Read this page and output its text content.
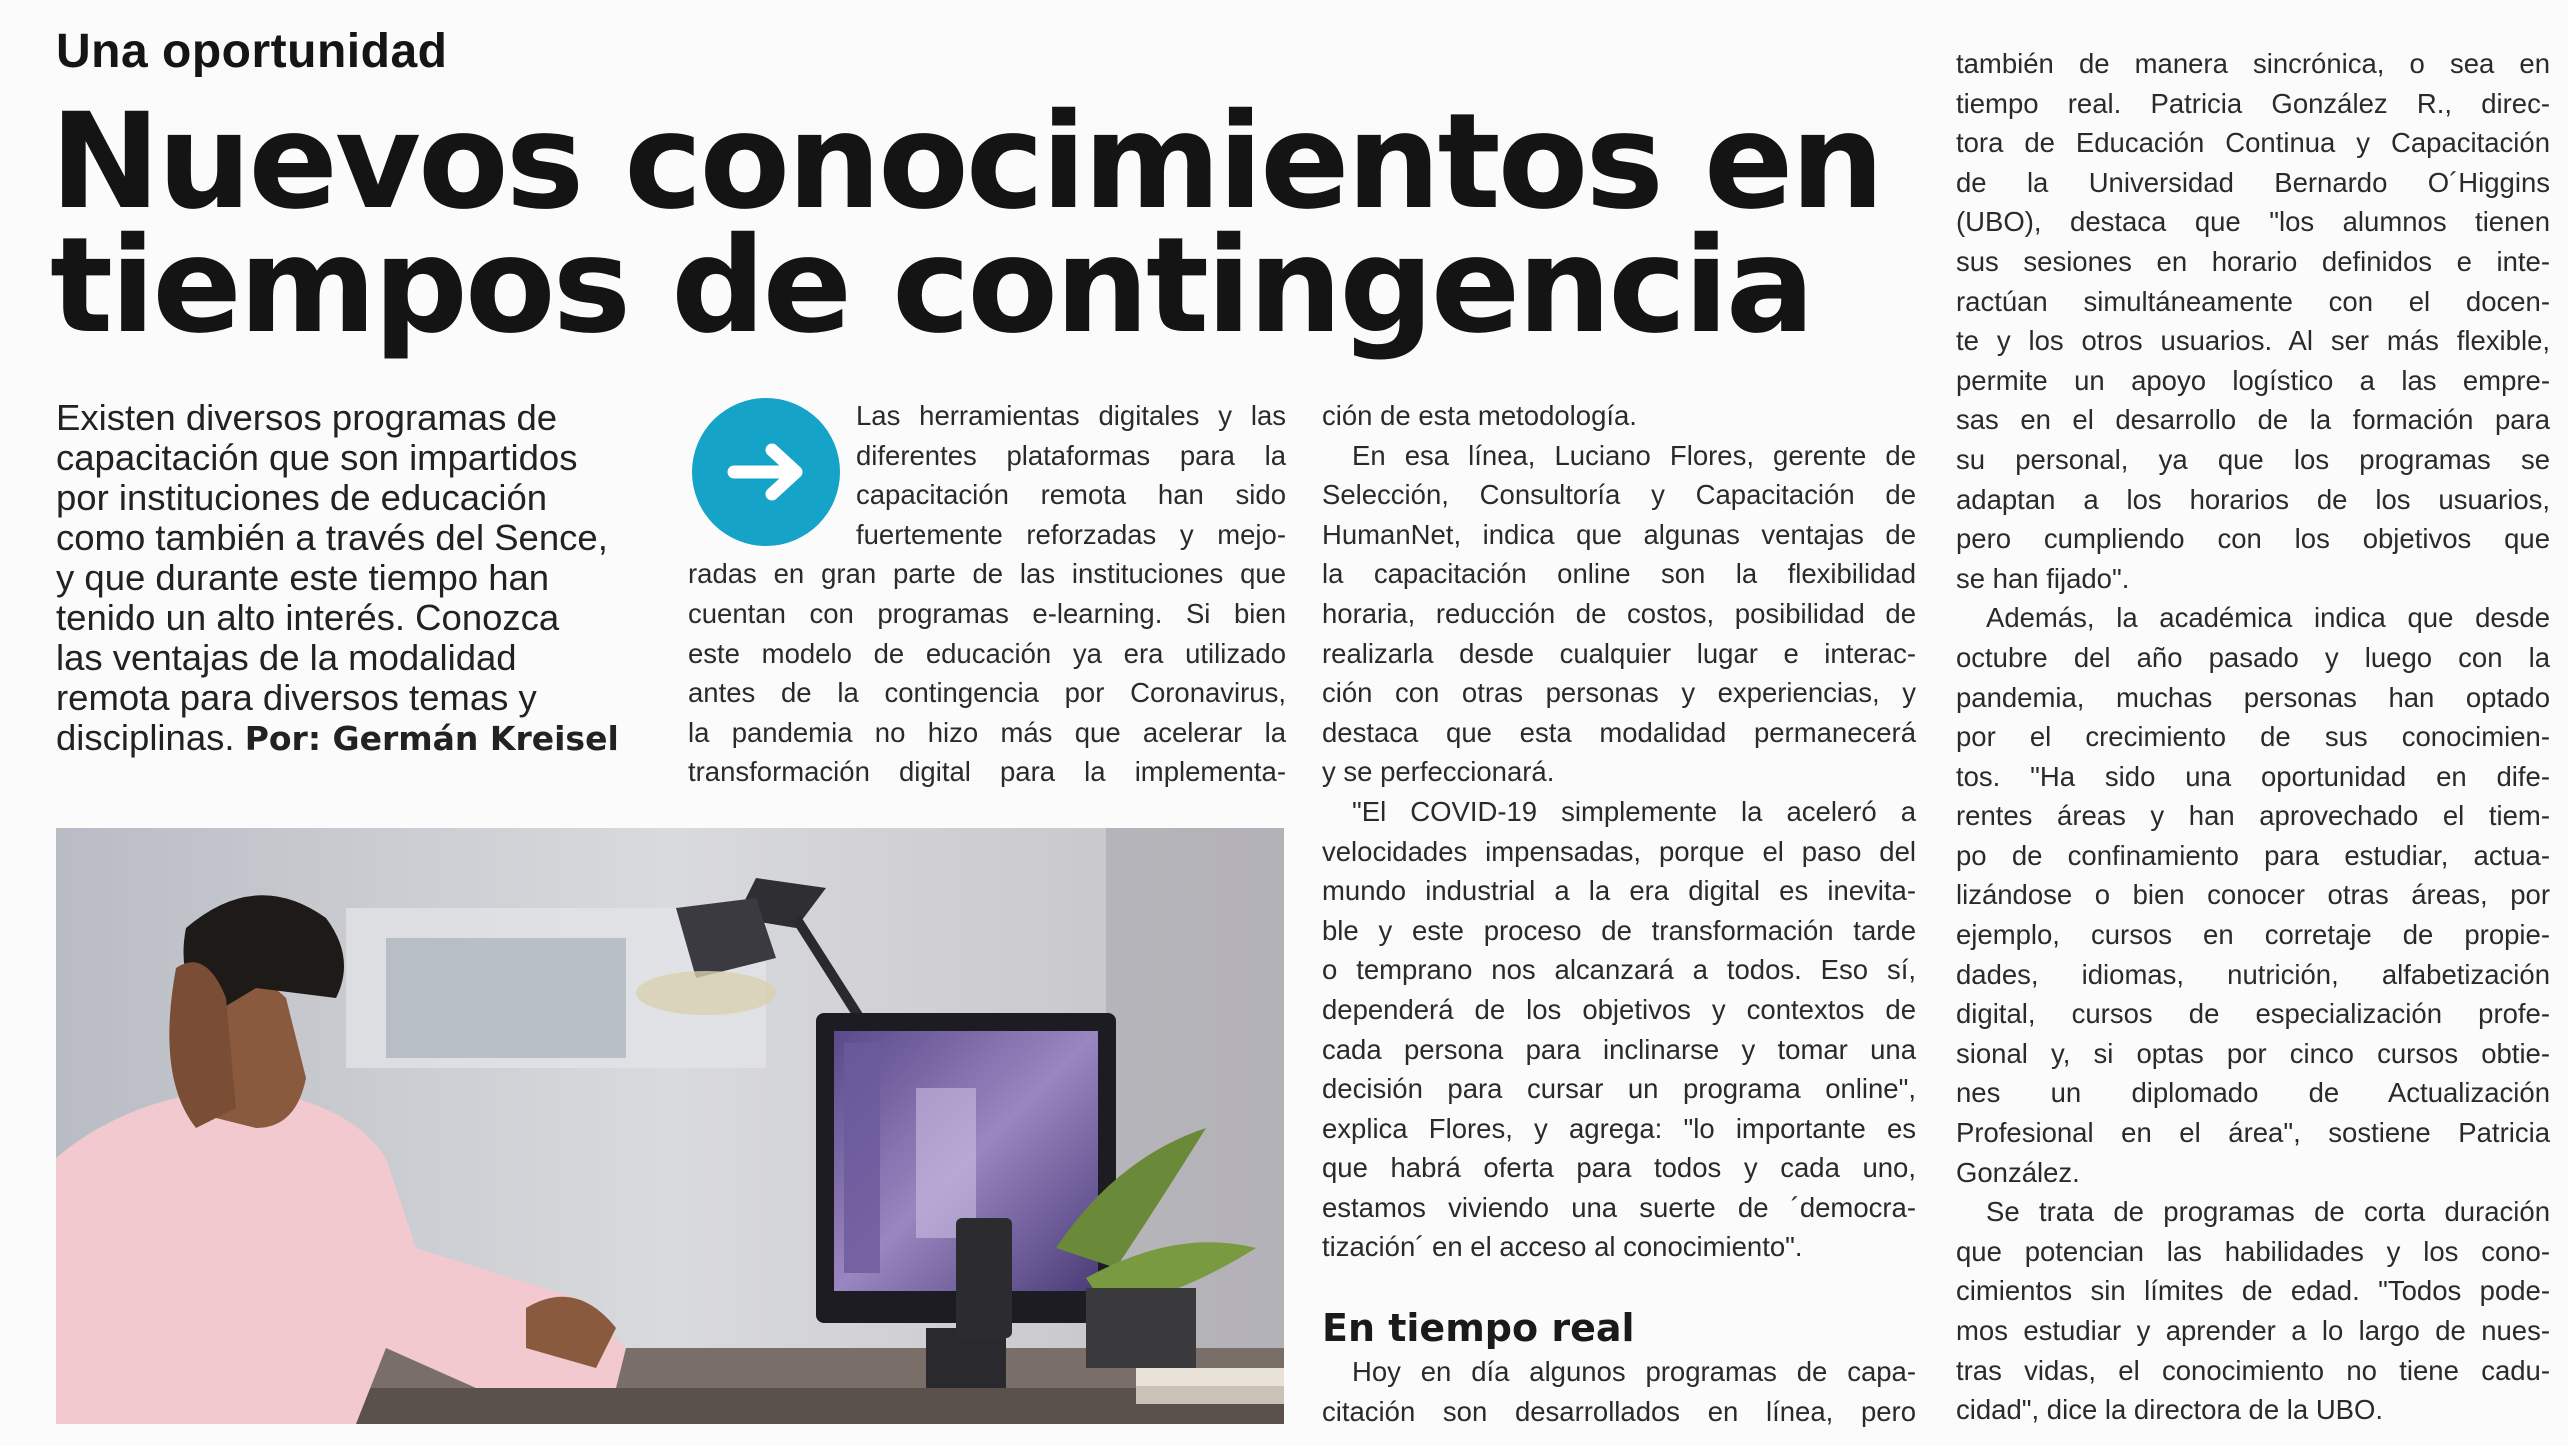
Una oportunidad
Nuevos conocimientos en
tiempos de contingencia
Existen diversos programas de
capacitación que son impartidos
por instituciones de educación
como también a través del Sence,
y que durante este tiempo han
tenido un alto interés. Conozca
las ventajas de la modalidad
remota para diversos temas y
disciplinas. Por: Germán Kreisel
Las herramientas digitales y las
diferentes plataformas para la
capacitación remota han sido
fuertemente reforzadas y mejo-
radas en gran parte de las instituciones que
cuentan con programas e-learning. Si bien
este modelo de educación ya era utilizado
antes de la contingencia por Coronavirus,
la pandemia no hizo más que acelerar la
transformación digital para la implementa-
ción de esta metodología.
En esa línea, Luciano Flores, gerente de
Selección, Consultoría y Capacitación de
HumanNet, indica que algunas ventajas de
la capacitación online son la flexibilidad
horaria, reducción de costos, posibilidad de
realizarla desde cualquier lugar e interac-
ción con otras personas y experiencias, y
destaca que esta modalidad permanecerá
y se perfeccionará.
"El COVID-19 simplemente la aceleró a
velocidades impensadas, porque el paso del
mundo industrial a la era digital es inevita-
ble y este proceso de transformación tarde
o temprano nos alcanzará a todos. Eso sí,
dependerá de los objetivos y contextos de
cada persona para inclinarse y tomar una
decisión para cursar un programa online",
explica Flores, y agrega: "lo importante es
que habrá oferta para todos y cada uno,
estamos viviendo una suerte de ´democra-
tización´ en el acceso al conocimiento".
En tiempo real
Hoy en día algunos programas de capa-
citación son desarrollados en línea, pero
también de manera sincrónica, o sea en
tiempo real. Patricia González R., direc-
tora de Educación Continua y Capacitación
de la Universidad Bernardo O´Higgins
(UBO), destaca que "los alumnos tienen
sus sesiones en horario definidos e inte-
ractúan simultáneamente con el docen-
te y los otros usuarios. Al ser más flexible,
permite un apoyo logístico a las empre-
sas en el desarrollo de la formación para
su personal, ya que los programas se
adaptan a los horarios de los usuarios,
pero cumpliendo con los objetivos que
se han fijado".
Además, la académica indica que desde
octubre del año pasado y luego con la
pandemia, muchas personas han optado
por el crecimiento de sus conocimien-
tos. "Ha sido una oportunidad en dife-
rentes áreas y han aprovechado el tiem-
po de confinamiento para estudiar, actua-
lizándose o bien conocer otras áreas, por
ejemplo, cursos en corretaje de propie-
dades, idiomas, nutrición, alfabetización
digital, cursos de especialización profe-
sional y, si optas por cinco cursos obtie-
nes un diplomado de Actualización
Profesional en el área", sostiene Patricia
González.
Se trata de programas de corta duración
que potencian las habilidades y los cono-
cimientos sin límites de edad. "Todos pode-
mos estudiar y aprender a lo largo de nues-
tras vidas, el conocimiento no tiene cadu-
cidad", dice la directora de la UBO.
